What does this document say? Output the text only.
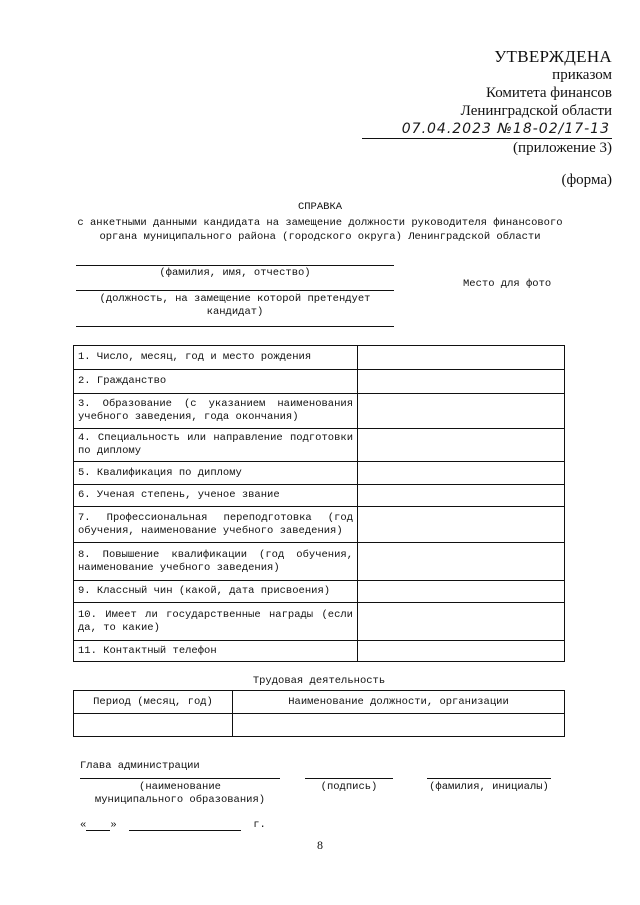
УТВЕРЖДЕНА
приказом
Комитета финансов
Ленинградской области
07.04.2023 №18-02/17-13
(приложение 3)
(форма)
СПРАВКА
с анкетными данными кандидата на замещение должности руководителя финансового
органа муниципального района (городского округа) Ленинградской области
(фамилия, имя, отчество)
(должность, на замещение которой претендует
кандидат)
Место для фото
1. Число, месяц, год и место рождения	
2. Гражданство	
3. Образование (с указанием наименования учебного заведения, года окончания)	
4. Специальность или направление подготовки по диплому	
5. Квалификация по диплому	
6. Ученая степень, ученое звание	
7. Профессиональная переподготовка (год обучения, наименование учебного заведения)	
8. Повышение квалификации (год обучения, наименование учебного заведения)	
9. Классный чин (какой, дата присвоения)	
10. Имеет ли государственные награды (если да, то какие)	
11. Контактный телефон	
Трудовая деятельность
Период (месяц, год)	Наименование должности, организации

Глава администрации
(наименование
муниципального образования)
(подпись)	(фамилия, инициалы)
« »	г.
8
